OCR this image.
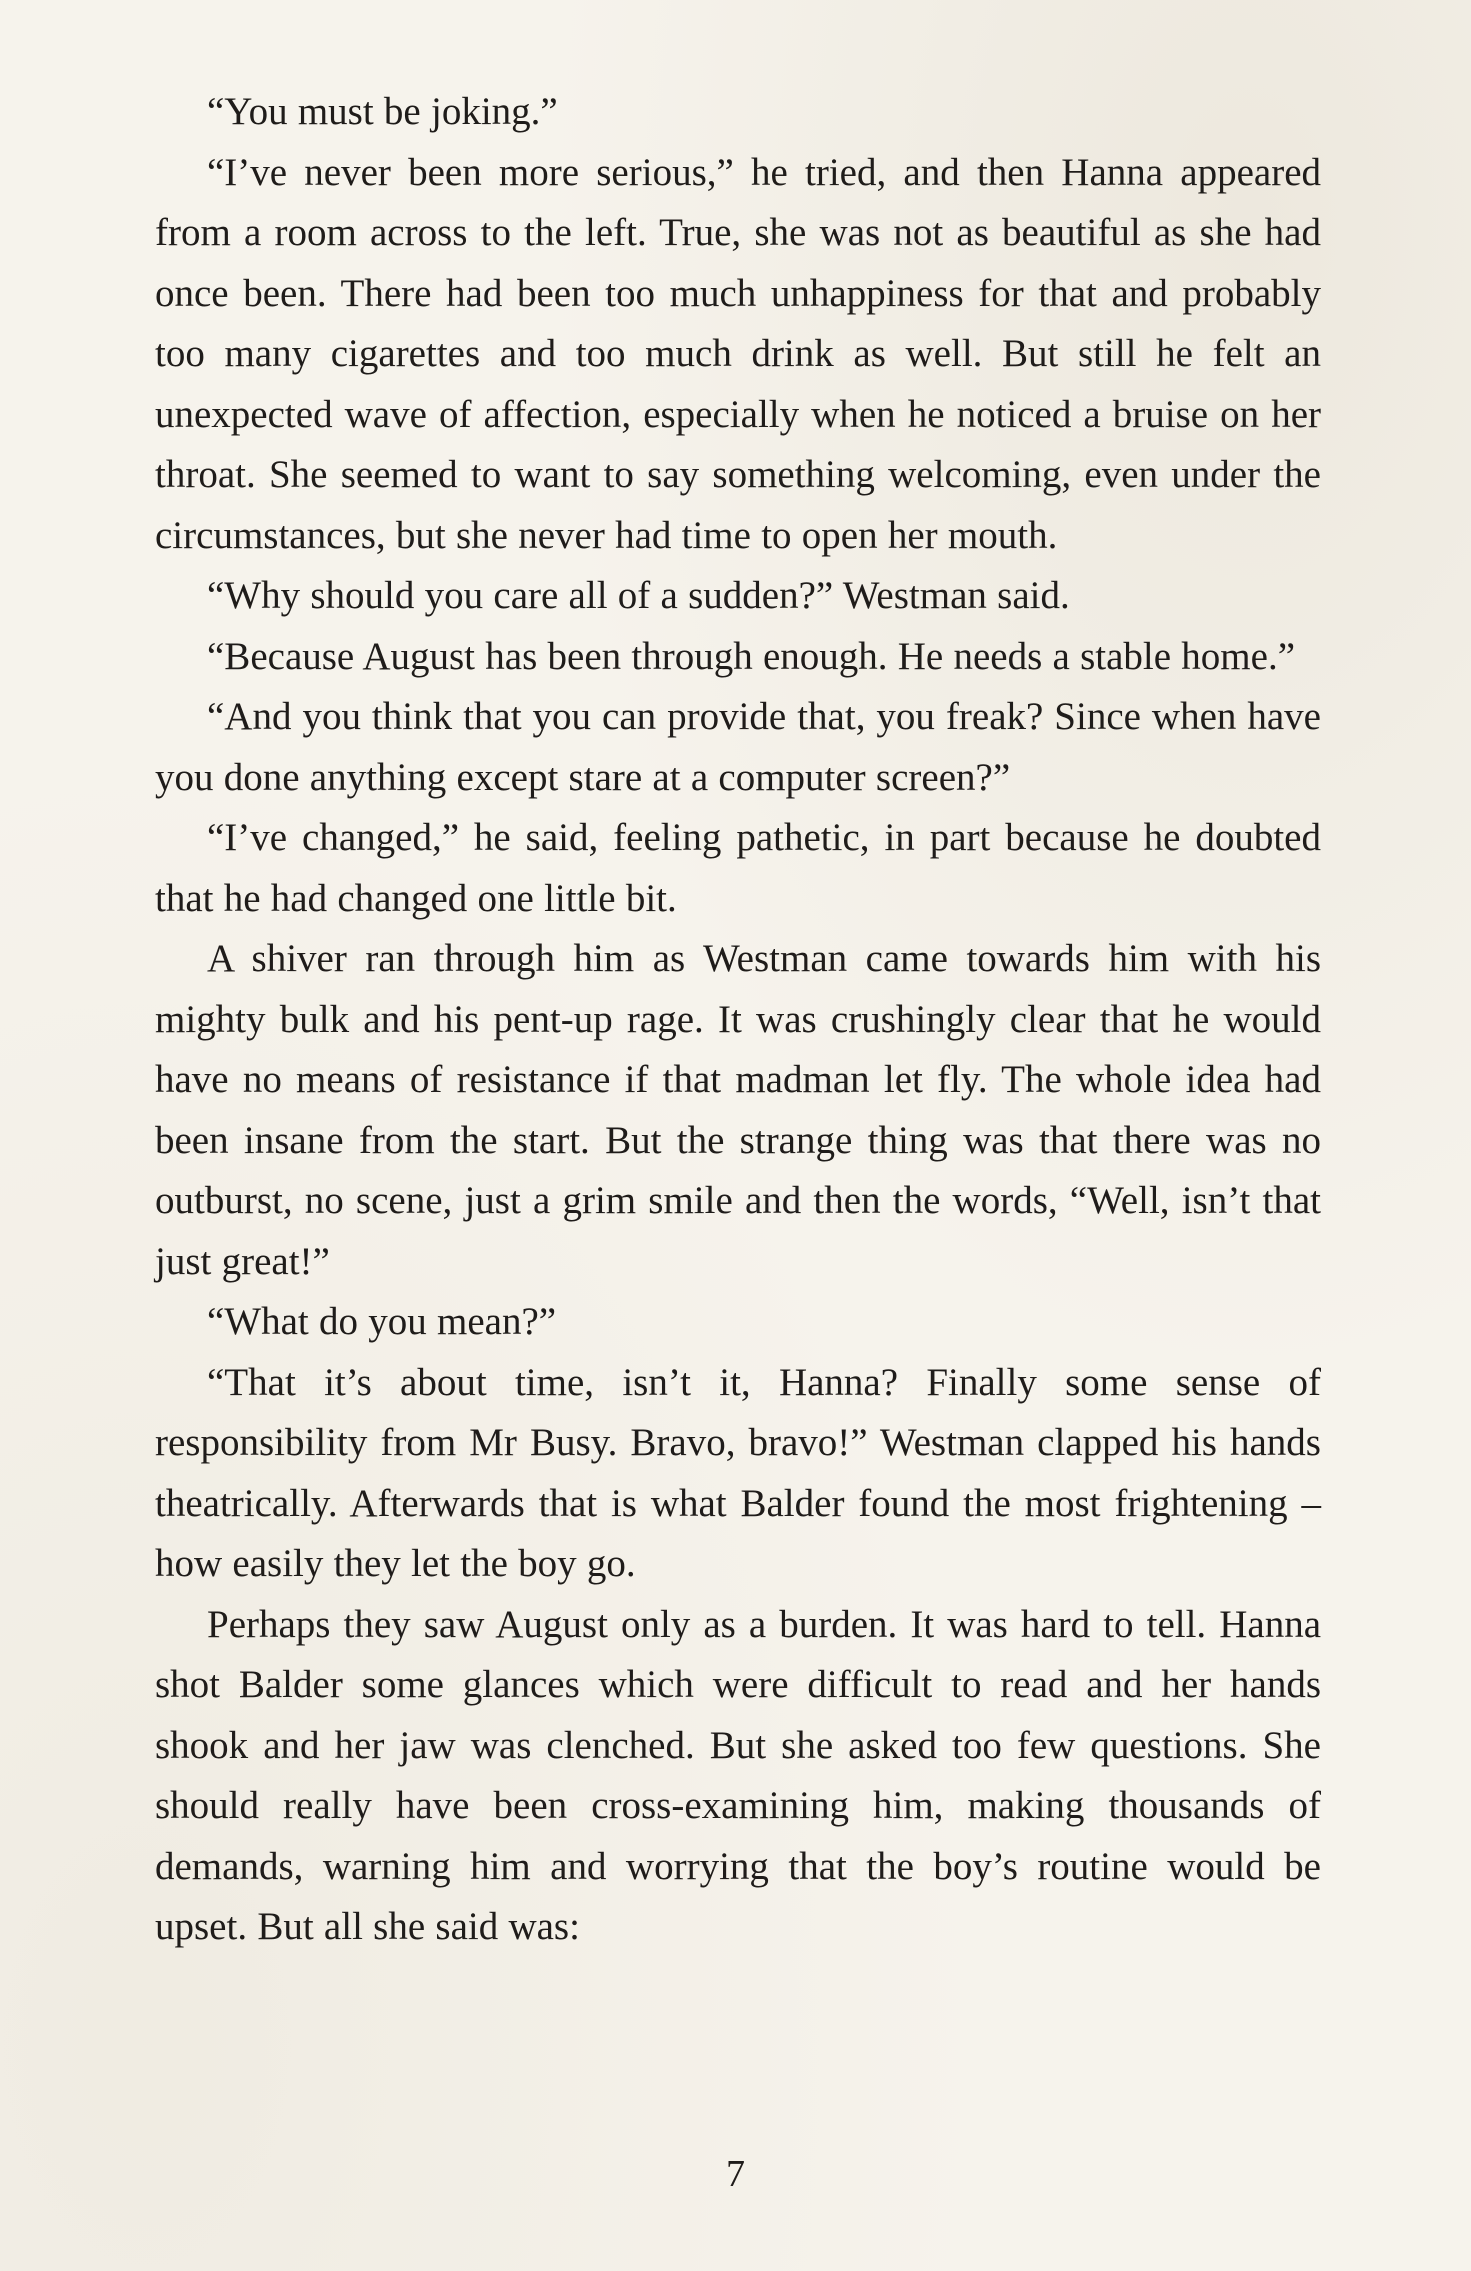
“You must be joking.”

“I’ve never been more serious,” he tried, and then Hanna appeared from a room across to the left. True, she was not as beautiful as she had once been. There had been too much unhappiness for that and probably too many cigarettes and too much drink as well. But still he felt an unexpected wave of affection, especially when he noticed a bruise on her throat. She seemed to want to say something welcoming, even under the circumstances, but she never had time to open her mouth.

“Why should you care all of a sudden?” Westman said.

“Because August has been through enough. He needs a stable home.”

“And you think that you can provide that, you freak? Since when have you done anything except stare at a computer screen?”

“I’ve changed,” he said, feeling pathetic, in part because he doubted that he had changed one little bit.

A shiver ran through him as Westman came towards him with his mighty bulk and his pent-up rage. It was crushingly clear that he would have no means of resistance if that madman let fly. The whole idea had been insane from the start. But the strange thing was that there was no outburst, no scene, just a grim smile and then the words, “Well, isn’t that just great!”

“What do you mean?”

“That it’s about time, isn’t it, Hanna? Finally some sense of responsibility from Mr Busy. Bravo, bravo!” Westman clapped his hands theatrically. Afterwards that is what Balder found the most frightening – how easily they let the boy go.

Perhaps they saw August only as a burden. It was hard to tell. Hanna shot Balder some glances which were difficult to read and her hands shook and her jaw was clenched. But she asked too few questions. She should really have been cross-examining him, making thousands of demands, warning him and worrying that the boy’s routine would be upset. But all she said was:

7
